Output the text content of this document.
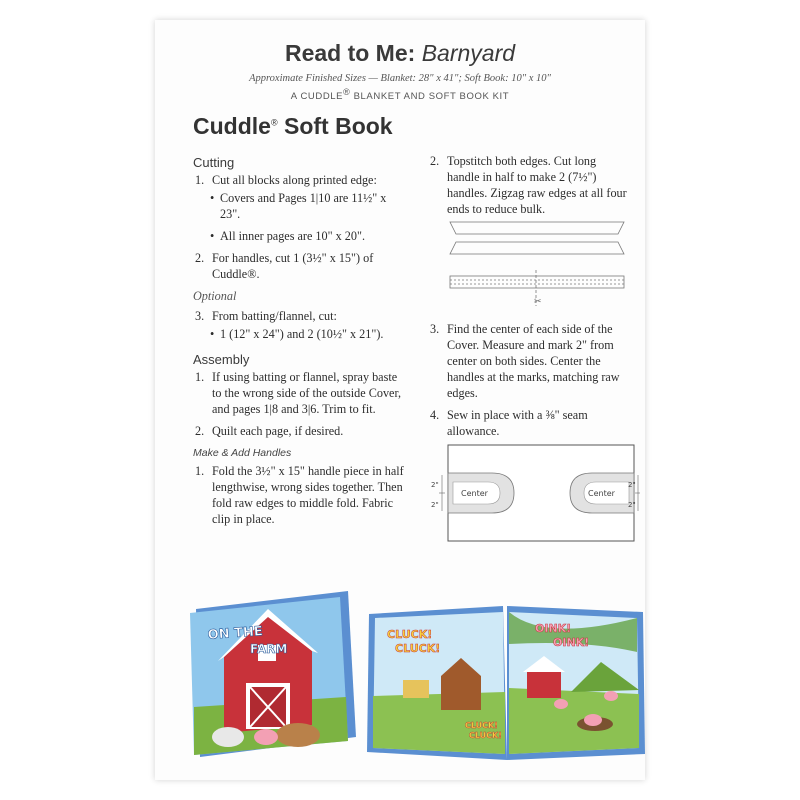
Read to Me: Barnyard
Approximate Finished Sizes — Blanket: 28" x 41"; Soft Book: 10" x 10"
A CUDDLE® BLANKET AND SOFT BOOK KIT
Cuddle® Soft Book
Cutting
1. Cut all blocks along printed edge:
• Covers and Pages 1|10 are 11½" x 23".
• All inner pages are 10" x 20".
2. For handles, cut 1 (3½" x 15") of Cuddle®.
Optional
3. From batting/flannel, cut:
• 1 (12" x 24") and 2 (10½" x 21").
Assembly
1. If using batting or flannel, spray baste to the wrong side of the outside Cover, and pages 1|8 and 3|6. Trim to fit.
2. Quilt each page, if desired.
Make & Add Handles
1. Fold the 3½" x 15" handle piece in half lengthwise, wrong sides together. Then fold raw edges to middle fold. Fabric clip in place.
2. Topstitch both edges. Cut long handle in half to make 2 (7½") handles. Zigzag raw edges at all four ends to reduce bulk.
3. Find the center of each side of the Cover. Measure and mark 2" from center on both sides. Center the handles at the marks, matching raw edges.
4. Sew in place with a ⅜" seam allowance.
✂
2"
2"
2"
2"
Center	Center
ON THE
FARM
CLUCK!
CLUCK!
CLUCK!
CLUCK!
OINK!
OINK!
